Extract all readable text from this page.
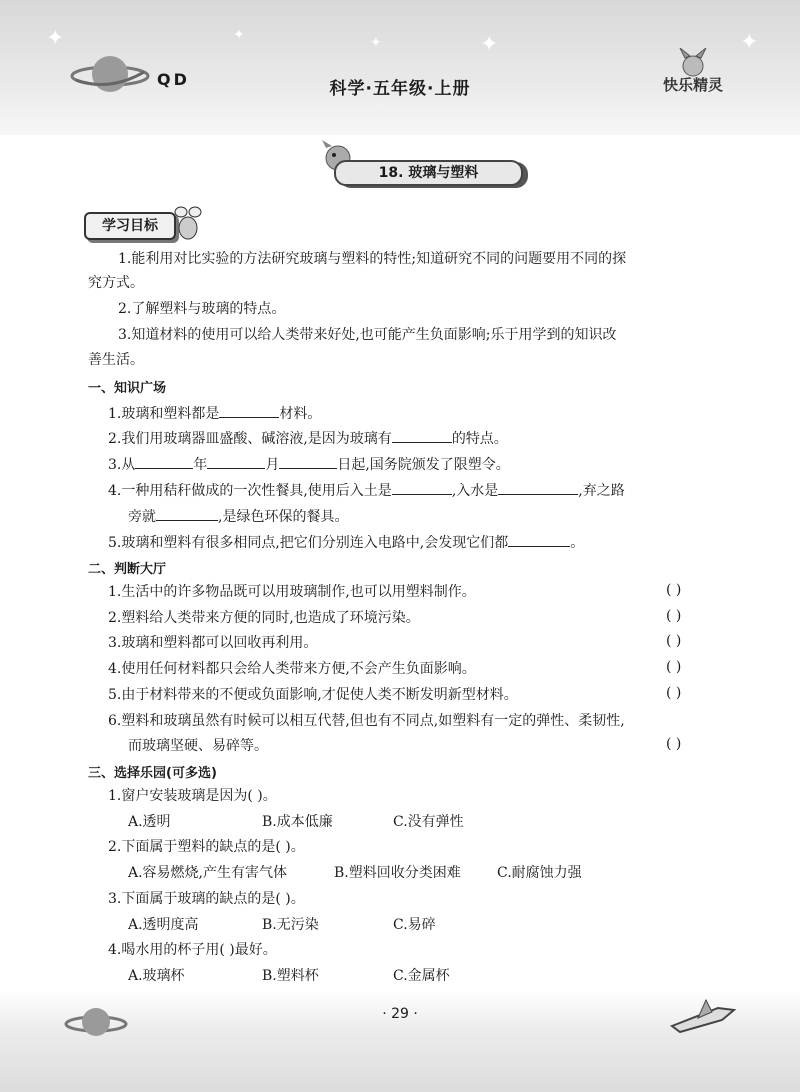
✦	✦	✦	✦	✦
QD	科学·五年级·上册	快乐精灵
18. 玻璃与塑料
学习目标
1.能利用对比实验的方法研究玻璃与塑料的特性;知道研究不同的问题要用不同的探
究方式。
2.了解塑料与玻璃的特点。
3.知道材料的使用可以给人类带来好处,也可能产生负面影响;乐于用学到的知识改
善生活。
一、知识广场
1.玻璃和塑料都是	材料。
2.我们用玻璃器皿盛酸、碱溶液,是因为玻璃有	的特点。
3.从	年	月	日起,国务院颁发了限塑令。
4.一种用秸秆做成的一次性餐具,使用后入土是	,入水是	,弃之路
旁就	,是绿色环保的餐具。
5.玻璃和塑料有很多相同点,把它们分别连入电路中,会发现它们都	。
二、判断大厅
1.生活中的许多物品既可以用玻璃制作,也可以用塑料制作。	( )
2.塑料给人类带来方便的同时,也造成了环境污染。	( )
3.玻璃和塑料都可以回收再利用。	( )
4.使用任何材料都只会给人类带来方便,不会产生负面影响。	( )
5.由于材料带来的不便或负面影响,才促使人类不断发明新型材料。	( )
6.塑料和玻璃虽然有时候可以相互代替,但也有不同点,如塑料有一定的弹性、柔韧性,
而玻璃坚硬、易碎等。	( )
三、选择乐园(可多选)
1.窗户安装玻璃是因为( )。
A.透明	B.成本低廉	C.没有弹性
2.下面属于塑料的缺点的是( )。
A.容易燃烧,产生有害气体	B.塑料回收分类困难	C.耐腐蚀力强
3.下面属于玻璃的缺点的是( )。
A.透明度高	B.无污染	C.易碎
4.喝水用的杯子用( )最好。
A.玻璃杯	B.塑料杯	C.金属杯
· 29 ·
